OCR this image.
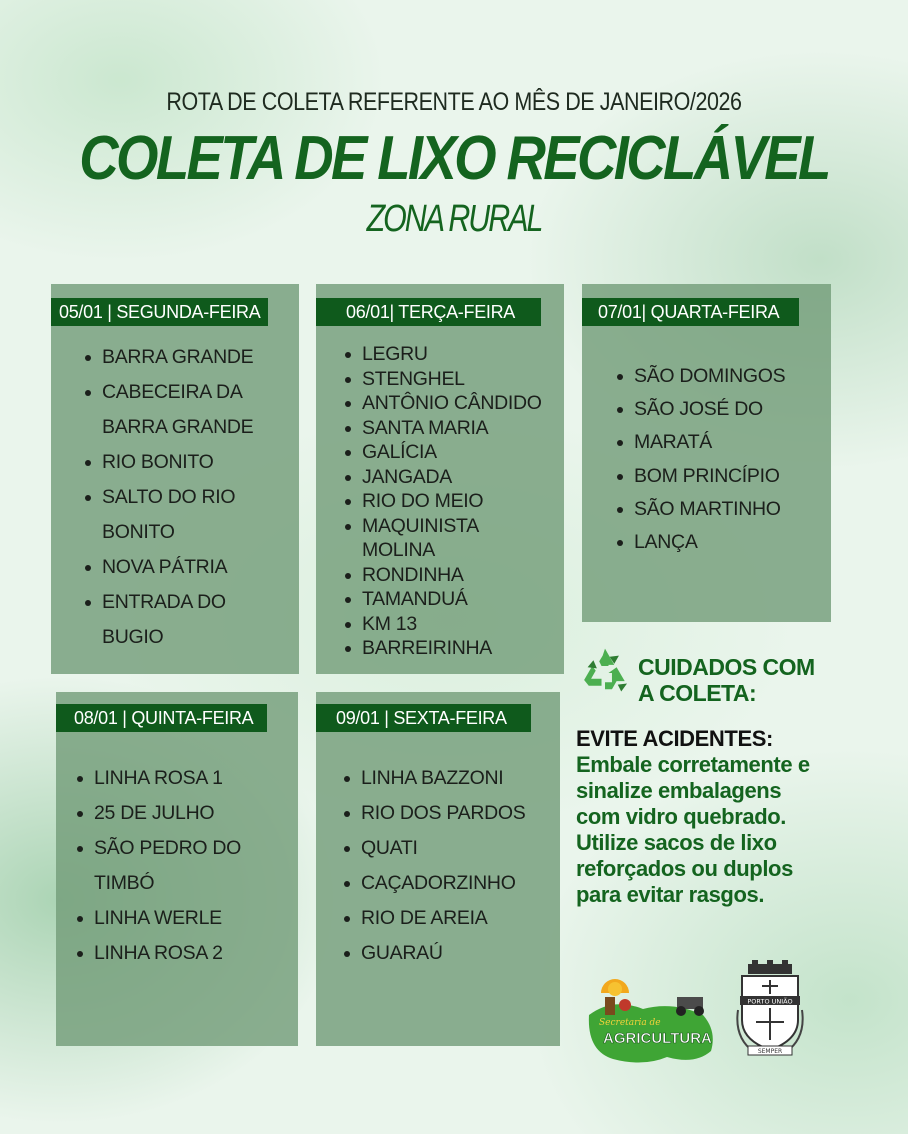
ROTA DE COLETA REFERENTE AO MÊS DE JANEIRO/2026
COLETA DE LIXO RECICLÁVEL
ZONA RURAL
05/01 | SEGUNDA-FEIRA
BARRA GRANDE
CABECEIRA DA
BARRA GRANDE
RIO BONITO
SALTO DO RIO
BONITO
NOVA PÁTRIA
ENTRADA DO
BUGIO
06/01| TERÇA-FEIRA
LEGRU
STENGHEL
ANTÔNIO CÂNDIDO
SANTA MARIA
GALÍCIA
JANGADA
RIO DO MEIO
MAQUINISTA
MOLINA
RONDINHA
TAMANDUÁ
KM 13
BARREIRINHA
07/01| QUARTA-FEIRA
SÃO DOMINGOS
SÃO JOSÉ DO
MARATÁ
BOM PRINCÍPIO
SÃO MARTINHO
LANÇA
08/01 | QUINTA-FEIRA
LINHA ROSA 1
25 DE JULHO
SÃO PEDRO DO
TIMBÓ
LINHA WERLE
LINHA ROSA 2
09/01 | SEXTA-FEIRA
LINHA BAZZONI
RIO DOS PARDOS
QUATI
CAÇADORZINHO
RIO DE AREIA
GUARAÚ
CUIDADOS COM
A COLETA:
EVITE ACIDENTES:
Embale corretamente e sinalize embalagens com vidro quebrado. Utilize sacos de lixo reforçados ou duplos para evitar rasgos.
Secretaria de
AGRICULTURA
PORTO UNIÃO
SEMPER
